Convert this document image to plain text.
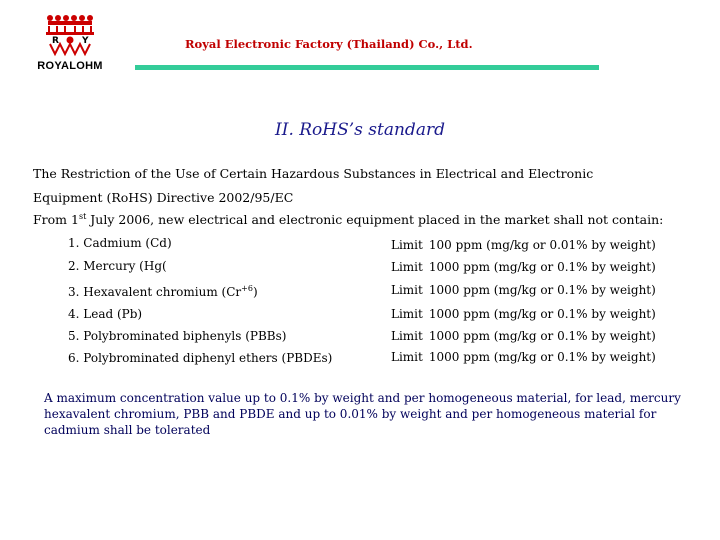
R	Y
ROYALOHM
Royal Electronic Factory (Thailand) Co., Ltd.
II. RoHS’s standard
The Restriction of the Use of Certain Hazardous Substances in Electrical and Electronic
Equipment (RoHS) Directive 2002/95/EC
From 1st July 2006, new electrical and electronic equipment placed in the market shall not contain:
1. Cadmium (Cd)	Limit 100 ppm (mg/kg or 0.01% by weight)
2. Mercury (Hg(	Limit 1000 ppm (mg/kg or 0.1% by weight)
3. Hexavalent chromium $(Cr^{+6})$	Limit 1000 ppm (mg/kg or 0.1% by weight)
4. Lead (Pb)	Limit 1000 ppm (mg/kg or 0.1% by weight)
5. Polybrominated biphenyls (PBBs)	Limit 1000 ppm (mg/kg or 0.1% by weight)
6. Polybrominated diphenyl ethers (PBDEs)	Limit 1000 ppm (mg/kg or 0.1% by weight)
A maximum concentration value up to 0.1% by weight and per homogeneous material, for lead, mercury
hexavalent chromium, PBB and PBDE and up to 0.01% by weight and per homogeneous material for
cadmium shall be tolerated
